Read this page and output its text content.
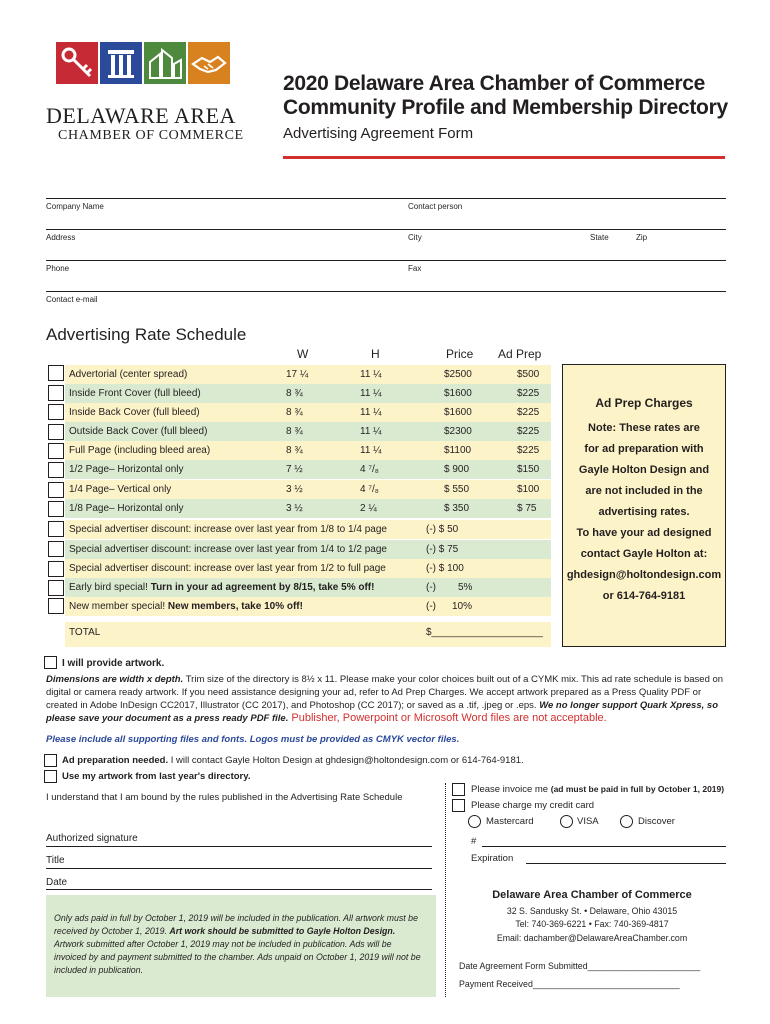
DELAWARE AREA
CHAMBER OF COMMERCE
2020 Delaware Area Chamber of Commerce
Community Profile and Membership Directory
Advertising Agreement Form
Company Name	Contact person
Address	City	State	Zip
Phone	Fax
Contact e-mail
Advertising Rate Schedule
W	H	Price Ad Prep
Advertorial (center spread)	17 ¼	11 ¼	$2500	$500
Inside Front Cover (full bleed)	8 ¾	11 ¼	$1600	$225
Inside Back Cover (full bleed)	8 ¾	11 ¼	$1600	$225
Outside Back Cover (full bleed)	8 ¾	11 ¼	$2300	$225
Full Page (including bleed area)	8 ¾	11 ¼	$1100	$225
1/2 Page– Horizontal only	7 ½	4 ⁷/₈	$ 900	$150
1/4 Page– Vertical only	3 ½	4 ⁷/₈	$ 550	$100
1/8 Page– Horizontal only	3 ½	2 ¼	$ 350	$ 75
Special advertiser discount: increase over last year from 1/8 to 1/4 page	(-) $ 50
Special advertiser discount: increase over last year from 1/4 to 1/2 page	(-) $ 75
Special advertiser discount: increase over last year from 1/2 to full page	(-) $ 100
Early bird special! Turn in your ad agreement by 8/15, take 5% off!	(-) 5%
New member special! New members, take 10% off!	(-) 10%
TOTAL	$____________________
Ad Prep Charges
Note: These rates are
for ad preparation with
Gayle Holton Design and
are not included in the
advertising rates.
To have your ad designed
contact Gayle Holton at:
ghdesign@holtondesign.com
or 614-764-9181
I will provide artwork.
Dimensions are width x depth. Trim size of the directory is 8½ x 11. Please make your color choices built out of a CYMK mix. This ad rate schedule is based on digital or camera ready artwork. If you need assistance designing your ad, refer to Ad Prep Charges. We accept artwork prepared as a Press Quality PDF or created in Adobe InDesign CC2017, Illustrator (CC 2017), and Photoshop (CC 2017); or saved as a .tif, .jpeg or .eps. We no longer support Quark Xpress, so please save your document as a press ready PDF file. Publisher, Powerpoint or Microsoft Word files are not acceptable.
Please include all supporting files and fonts. Logos must be provided as CMYK vector files.
Ad preparation needed. I will contact Gayle Holton Design at ghdesign@holtondesign.com or 614-764-9181.
Use my artwork from last year's directory.
I understand that I am bound by the rules published in the Advertising Rate Schedule
Authorized signature
Title
Date
Only ads paid in full by October 1, 2019 will be included in the publication. All artwork must be received by October 1, 2019. Art work should be submitted to Gayle Holton Design. Artwork submitted after October 1, 2019 may not be included in publication. Ads will be invoiced by and payment submitted to the chamber. Ads unpaid on October 1, 2019 will not be included in publication.
Please invoice me (ad must be paid in full by October 1, 2019)
Please charge my credit card
Mastercard	VISA	Discover
#
Expiration
Delaware Area Chamber of Commerce
32 S. Sandusky St. • Delaware, Ohio 43015
Tel: 740-369-6221 • Fax: 740-369-4817
Email: dachamber@DelawareAreaChamber.com
Date Agreement Form Submitted_______________________
Payment Received______________________________
